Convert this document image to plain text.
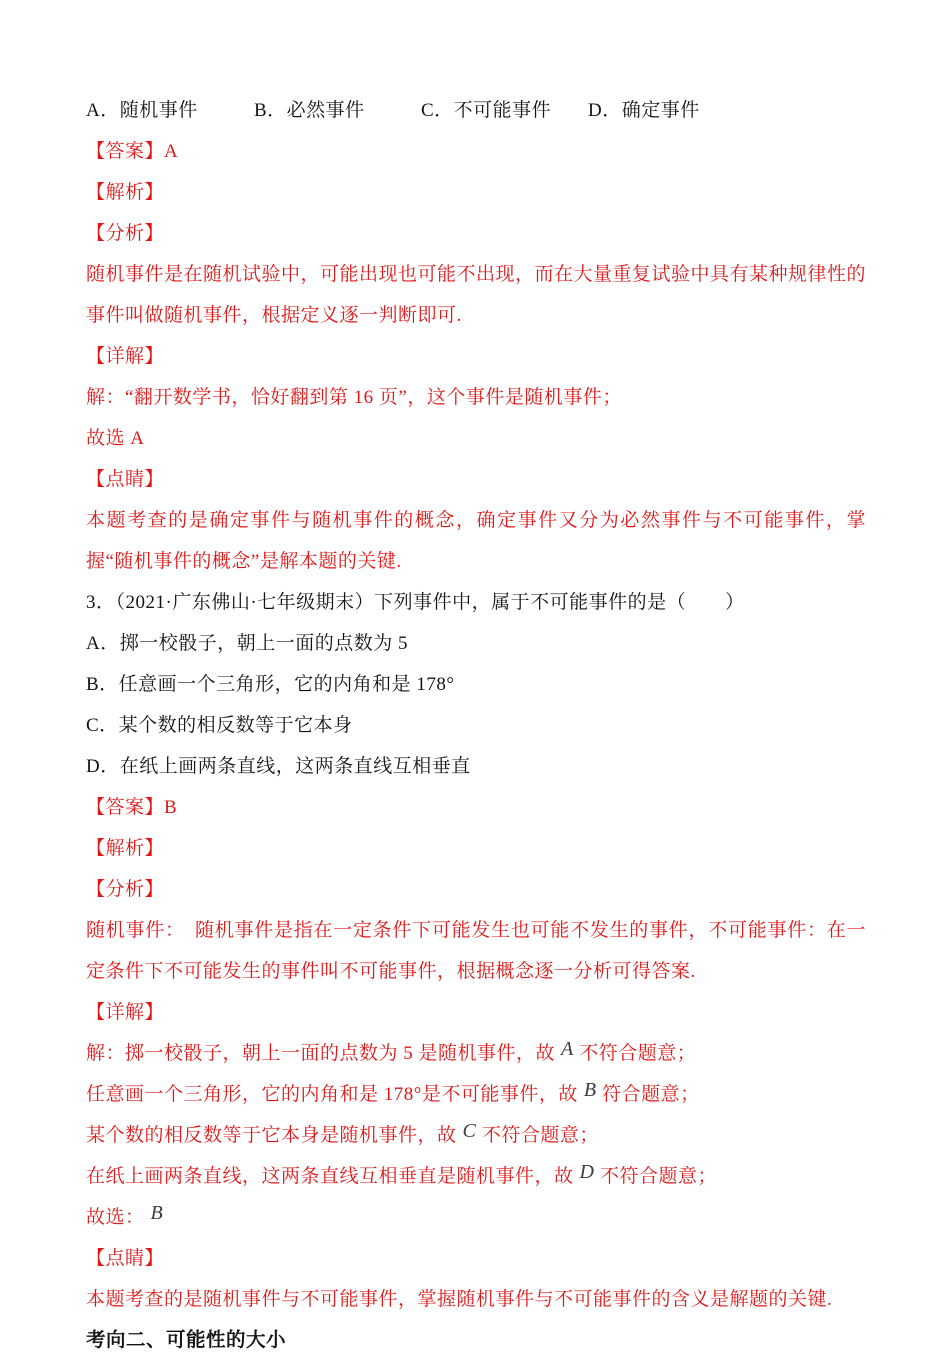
A．随机事件	B．必然事件	C．不可能事件	D．确定事件
【答案】A
【解析】
【分析】
随机事件是在随机试验中，可能出现也可能不出现，而在大量重复试验中具有某种规律性的事件叫做随机事件，根据定义逐一判断即可.
【详解】
解：“翻开数学书，恰好翻到第 16 页”，这个事件是随机事件；
故选 A
【点睛】
本题考查的是确定事件与随机事件的概念，确定事件又分为必然事件与不可能事件，掌握“随机事件的概念”是解本题的关键.
3．（2021·广东佛山·七年级期末）下列事件中，属于不可能事件的是（　　）
A．掷一校骰子，朝上一面的点数为 5
B．任意画一个三角形，它的内角和是 178°
C．某个数的相反数等于它本身
D．在纸上画两条直线，这两条直线互相垂直
【答案】B
【解析】
【分析】
随机事件：　随机事件是指在一定条件下可能发生也可能不发生的事件，不可能事件：在一定条件下不可能发生的事件叫不可能事件，根据概念逐一分析可得答案.
【详解】
解：掷一校骰子，朝上一面的点数为 5 是随机事件，故 A 不符合题意；
任意画一个三角形，它的内角和是 178°是不可能事件，故 B 符合题意；
某个数的相反数等于它本身是随机事件，故 C 不符合题意；
在纸上画两条直线，这两条直线互相垂直是随机事件，故 D 不符合题意；
故选： B
【点睛】
本题考查的是随机事件与不可能事件，掌握随机事件与不可能事件的含义是解题的关键.
考向二、可能性的大小
